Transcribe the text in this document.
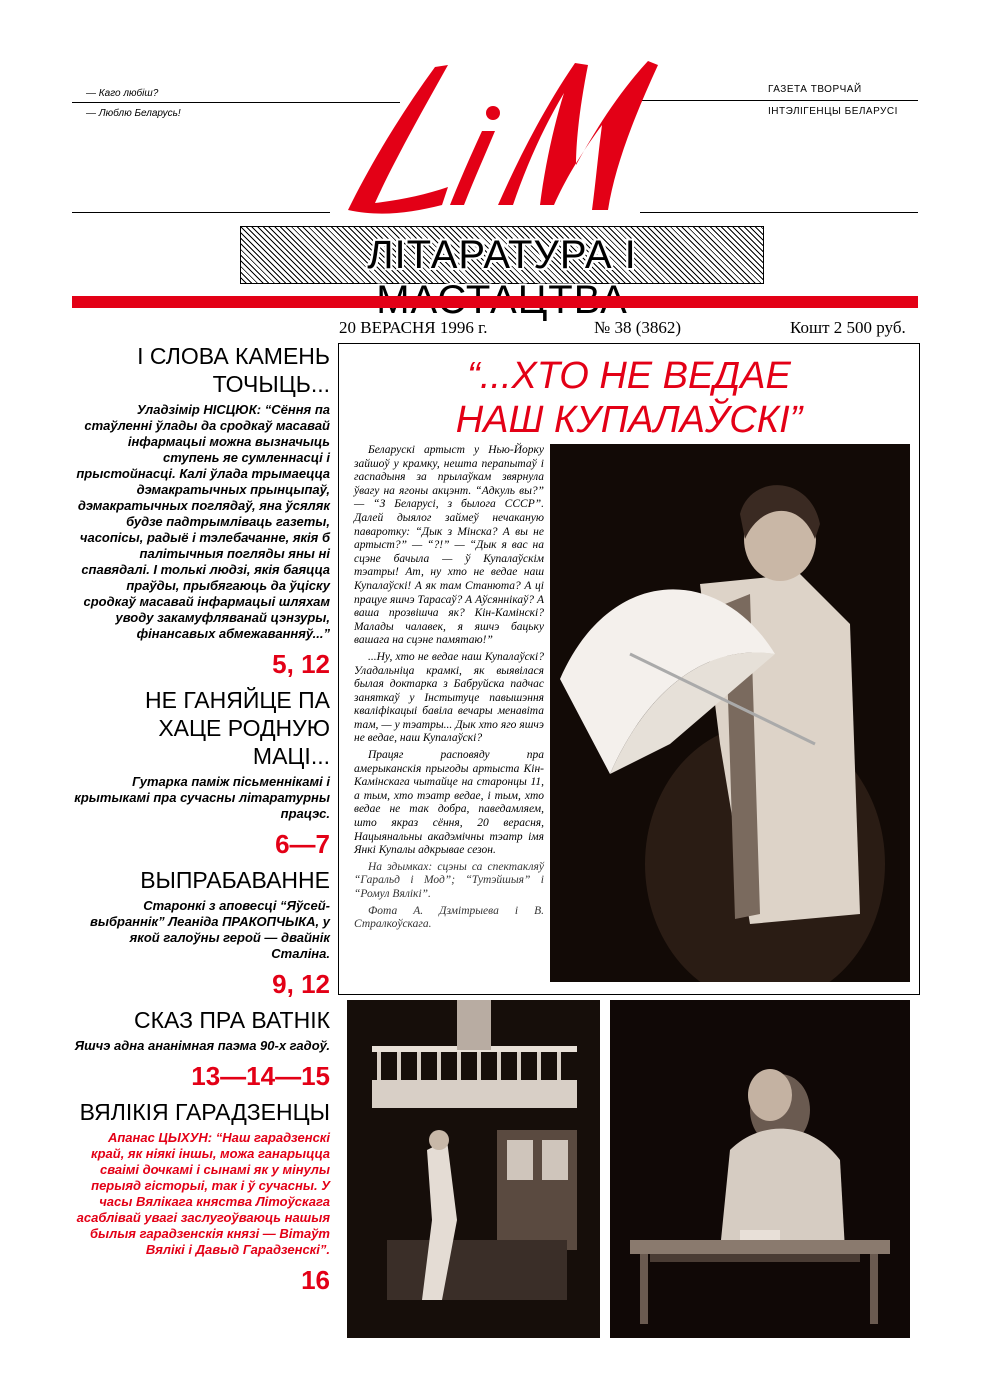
— Каго любіш?
— Люблю Беларусь!
ГАЗЕТА ТВОРЧАЙ
ІНТЭЛІГЕНЦЫ БЕЛАРУСІ
ЛІТАРАТУРА І
20 ВЕРАСНЯ 1996 г.	№ 38 (3862)	Кошт 2 500 руб.
І СЛОВА КАМЕНЬ ТОЧЫЦЬ...
Уладзімір НІСЦЮК: “Сёння па стаўленні ўлады да сродкаў масавай інфармацыі можна вызначыць ступень яе сумленнасці і прыстойнасці. Калі ўлада трымаецца дэмакратычных прынцыпаў, дэмакратычных поглядаў, яна ўсяляк будзе падтрымліваць газеты, часопісы, радыё і тэлебачанне, якія б палітычныя погляды яны ні спавядалі. І толькі людзі, якія баяцца праўды, прыбягаюць да ўціску сродкаў масавай інфармацыі шляхам уводу закамуфляванай цэнзуры, фінансавых абмежаванняў...”
5, 12
НЕ ГАНЯЙЦЕ ПА ХАЦЕ РОДНУЮ МАЦІ...
Гутарка паміж пісьменнікамі і крытыкамі пра сучасны літаратурны працэс.
6—7
ВЫПРАБАВАННЕ
Старонкі з аповесці “Яўсей-выбраннік” Леаніда ПРАКОПЧЫКА, у якой галоўны герой — двайнік Сталіна.
9, 12
СКАЗ ПРА ВАТНІК
Яшчэ адна ананімная паэма 90-х гадоў.
13—14—15
ВЯЛІКІЯ ГАРАДЗЕНЦЫ
Апанас ЦЫХУН: “Наш гарадзенскі край, як ніякі іншы, можа ганарыцца сваімі дочкамі і сынамі як у мінулы перыяд гісторыі, так і ў сучасны. У часы Вялікага княства Літоўскага асаблівай увагі заслугоўваюць нашыя былыя гарадзенскія князі — Вітаўт Вялікі і Давыд Гарадзенскі”.
16
“...ХТО НЕ ВЕДАЕ
НАШ КУПАЛАЎСКІ”

Беларускі артыст у Нью-Йорку зайшоў у крамку, нешта перапытаў і гаспадыня за прылаўкам звярнула ўвагу на ягоны акцэнт. “Адкуль вы?” — “З Беларусі, з былога СССР”. Далей дыялог займеў нечаканую паваротку: “Дык з Мінска? А вы не артыст?” — “?!” — “Дык я вас на сцэне бачыла — ў Купалаўскім тэатры! Ат, ну хто не ведае наш Купалаўскі! А як там Станюта? А ці працуе яшчэ Тарасаў? А Аўсяннікаў? А ваша прозвішча як? Кін-Камінскі? Малады чалавек, я яшчэ бацьку вашага на сцэне памятаю!”

...Ну, хто не ведае наш Купалаўскі? Уладальніца крамкі, як выявілася былая доктарка з Бабруйска падчас заняткаў у Інстытуце павышэння кваліфікацыі бавіла вечары менавіта там, — у тэатры... Дык хто яго яшчэ не ведае, наш Купалаўскі?

Працяг расповяду пра амерыканскія прыгоды артыста Кін-Камінскага чытайце на старонцы 11, а тым, хто тэатр ведае, і тым, хто ведае не так добра, паведамляем, што якраз сёння, 20 верасня, Нацыянальны акадэмічны тэатр імя Янкі Купалы адкрывае сезон.

На здымках: сцэны са спектакляў “Гаральд і Мод”; “Тутэйшыя” і “Ромул Вялікі”.

Фота А. Дзмітрыева і В. Стралкоўскага.
